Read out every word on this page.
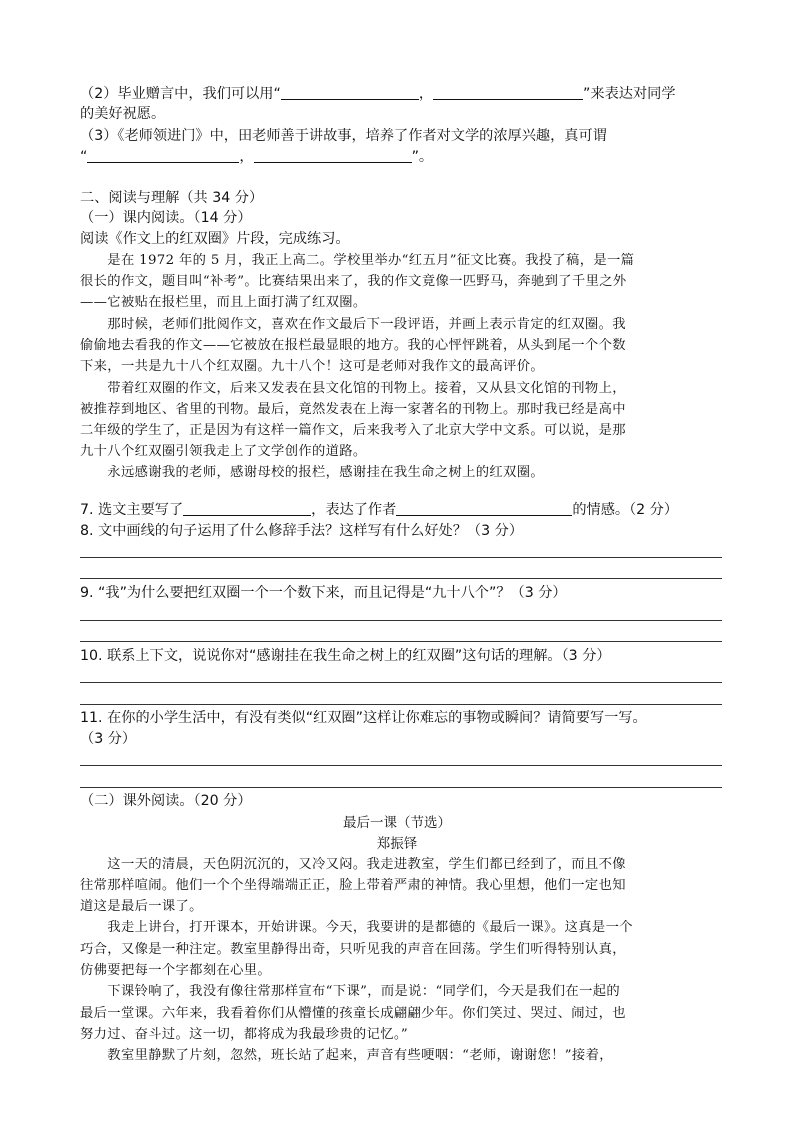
（2）毕业赠言中，我们可以用“	，	”来表达对同学
的美好祝愿。
（3）《老师领进门》中，田老师善于讲故事，培养了作者对文学的浓厚兴趣，真可谓
“	，	”。
二、阅读与理解（共 34 分）
（一）课内阅读。（14 分）
阅读《作文上的红双圈》片段，完成练习。
　　是在 1972 年的 5 月，我正上高二。学校里举办“红五月”征文比赛。我投了稿，是一篇
很长的作文，题目叫“补考”。比赛结果出来了，我的作文竟像一匹野马，奔驰到了千里之外
——它被贴在报栏里，而且上面打满了红双圈。
　　那时候，老师们批阅作文，喜欢在作文最后下一段评语，并画上表示肯定的红双圈。我
偷偷地去看我的作文——它被放在报栏最显眼的地方。我的心怦怦跳着，从头到尾一个个数
下来，一共是九十八个红双圈。九十八个！这可是老师对我作文的最高评价。
　　带着红双圈的作文，后来又发表在县文化馆的刊物上。接着，又从县文化馆的刊物上，
被推荐到地区、省里的刊物。最后，竟然发表在上海一家著名的刊物上。那时我已经是高中
二年级的学生了，正是因为有这样一篇作文，后来我考入了北京大学中文系。可以说，是那
九十八个红双圈引领我走上了文学创作的道路。
　　永远感谢我的老师，感谢母校的报栏，感谢挂在我生命之树上的红双圈。
7. 选文主要写了	，表达了作者	的情感。（2 分）
8. 文中画线的句子运用了什么修辞手法？这样写有什么好处？（3 分）
9. “我”为什么要把红双圈一个一个数下来，而且记得是“九十八个”？（3 分）
10. 联系上下文，说说你对“感谢挂在我生命之树上的红双圈”这句话的理解。（3 分）
11. 在你的小学生活中，有没有类似“红双圈”这样让你难忘的事物或瞬间？请简要写一写。
（3 分）
（二）课外阅读。（20 分）
最后一课（节选）
郑振铎
　　这一天的清晨，天色阴沉沉的，又冷又闷。我走进教室，学生们都已经到了，而且不像
往常那样喧闹。他们一个个坐得端端正正，脸上带着严肃的神情。我心里想，他们一定也知
道这是最后一课了。
　　我走上讲台，打开课本，开始讲课。今天，我要讲的是都德的《最后一课》。这真是一个
巧合，又像是一种注定。教室里静得出奇，只听见我的声音在回荡。学生们听得特别认真，
仿佛要把每一个字都刻在心里。
　　下课铃响了，我没有像往常那样宣布“下课”，而是说：“同学们，今天是我们在一起的
最后一堂课。六年来，我看着你们从懵懂的孩童长成翩翩少年。你们笑过、哭过、闹过，也
努力过、奋斗过。这一切，都将成为我最珍贵的记忆。”
　　教室里静默了片刻，忽然，班长站了起来，声音有些哽咽：“老师，谢谢您！”接着，
